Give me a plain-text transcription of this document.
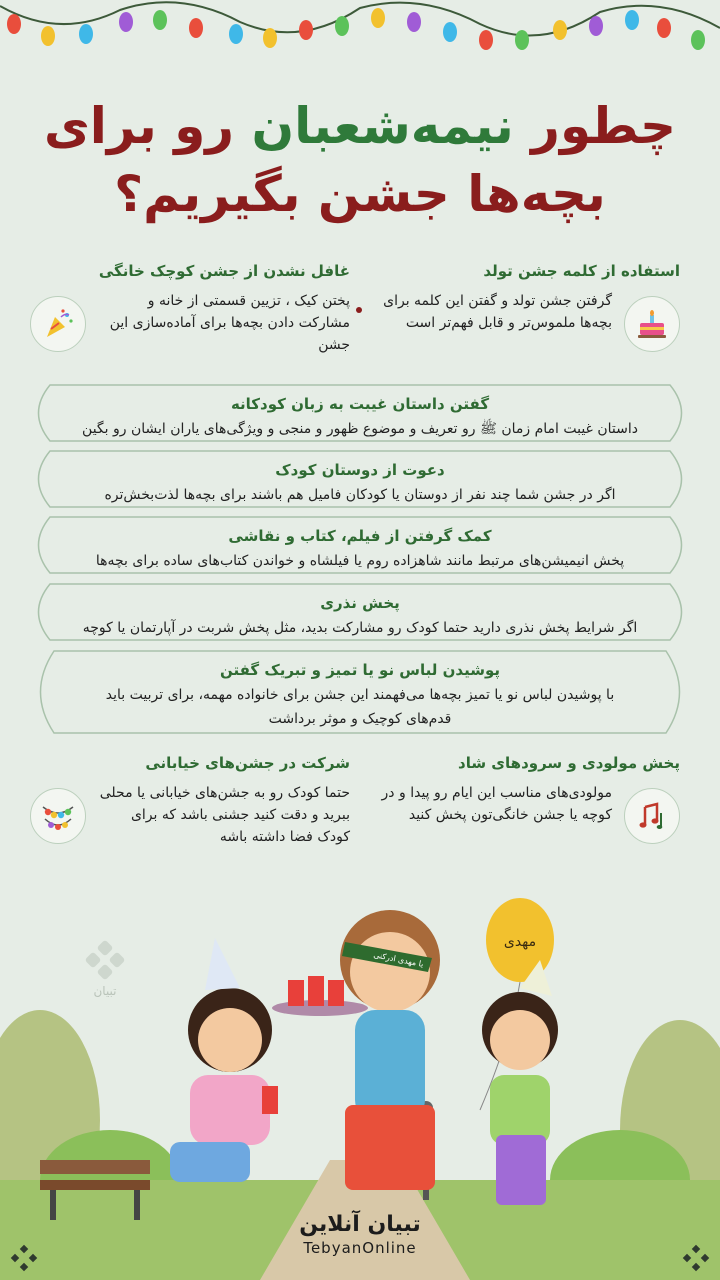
چطور نیمه‌شعبان رو برای
بچه‌ها جشن بگیریم؟
استفاده از کلمه جشن تولد
گرفتن جشن تولد و گفتن این کلمه برای بچه‌ها ملموس‌تر و قابل فهم‌تر است
غافل نشدن از جشن کوچک خانگی
پختن کیک ، تزیین قسمتی از خانه و مشارکت دادن بچه‌ها برای آماده‌سازی این جشن
گفتن داستان غیبت به زبان کودکانه

داستان غیبت امام زمان ﷺ رو تعریف و موضوع ظهور و منجی و ویژگی‌های یاران ایشان رو بگین

دعوت از دوستان کودک

اگر در جشن شما چند نفر از دوستان یا کودکان فامیل هم باشند برای بچه‌ها لذت‌بخش‌تره

کمک گرفتن از فیلم، کتاب و نقاشی

پخش انیمیشن‌های مرتبط مانند شاهزاده روم یا فیلشاه و خواندن کتاب‌های ساده برای بچه‌ها

پخش نذری

اگر شرایط پخش نذری دارید حتما کودک رو مشارکت بدید، مثل پخش شربت در آپارتمان یا کوچه

پوشیدن لباس نو یا تمیز و تبریک گفتن

با پوشیدن لباس نو یا تمیز بچه‌ها می‌فهمند این جشن برای خانواده مهمه، برای تربیت باید

قدم‌های کوچیک و موثر برداشت

پخش مولودی و سرودهای شاد
مولودی‌های مناسب این ایام رو پیدا و در کوچه یا جشن خانگی‌تون پخش کنید
شرکت در جشن‌های خیابانی
حتما کودک رو به جشن‌های خیابانی یا محلی ببرید و دقت کنید جشنی باشد که برای کودک فضا داشته باشه
یا مهدی ادرکنی
مهدی
تبیان
تبیان آنلاین
TebyanOnline
